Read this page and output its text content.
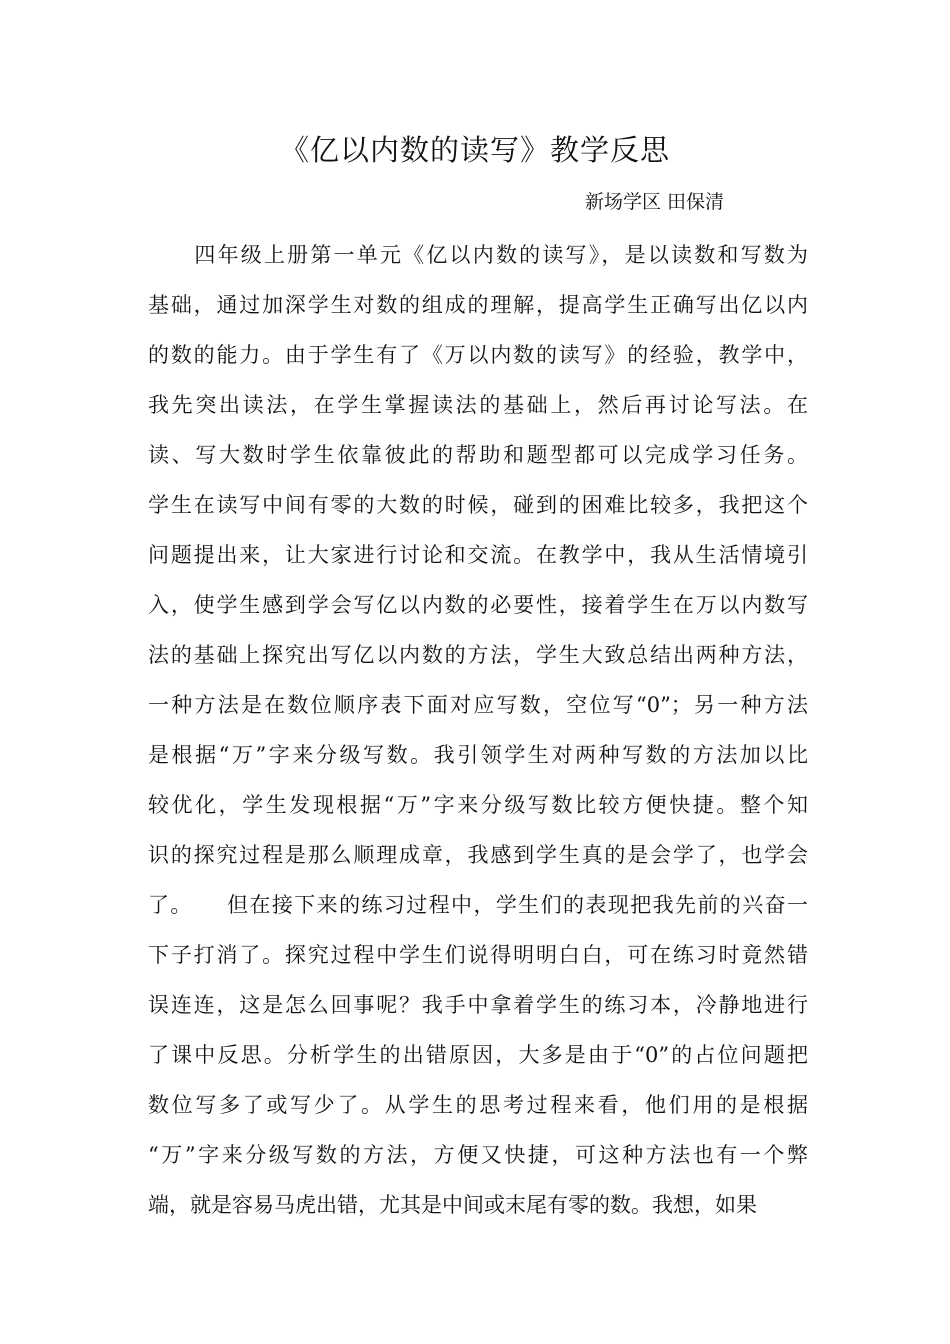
《亿以内数的读写》教学反思
新场学区 田保清
　　四年级上册第一单元《亿以内数的读写》，是以读数和写数为
基础，通过加深学生对数的组成的理解，提高学生正确写出亿以内
的数的能力。由于学生有了《万以内数的读写》的经验，教学中，
我先突出读法，在学生掌握读法的基础上，然后再讨论写法。在
读、写大数时学生依靠彼此的帮助和题型都可以完成学习任务。
学生在读写中间有零的大数的时候，碰到的困难比较多，我把这个
问题提出来，让大家进行讨论和交流。在教学中，我从生活情境引
入，使学生感到学会写亿以内数的必要性，接着学生在万以内数写
法的基础上探究出写亿以内数的方法，学生大致总结出两种方法，
一种方法是在数位顺序表下面对应写数，空位写“0”；另一种方法
是根据“万”字来分级写数。我引领学生对两种写数的方法加以比
较优化，学生发现根据“万”字来分级写数比较方便快捷。整个知
识的探究过程是那么顺理成章，我感到学生真的是会学了，也学会
了。　　但在接下来的练习过程中，学生们的表现把我先前的兴奋一
下子打消了。探究过程中学生们说得明明白白，可在练习时竟然错
误连连，这是怎么回事呢？我手中拿着学生的练习本，冷静地进行
了课中反思。分析学生的出错原因，大多是由于“0”的占位问题把
数位写多了或写少了。从学生的思考过程来看，他们用的是根据
“万”字来分级写数的方法，方便又快捷，可这种方法也有一个弊
端，就是容易马虎出错，尤其是中间或末尾有零的数。我想，如果
